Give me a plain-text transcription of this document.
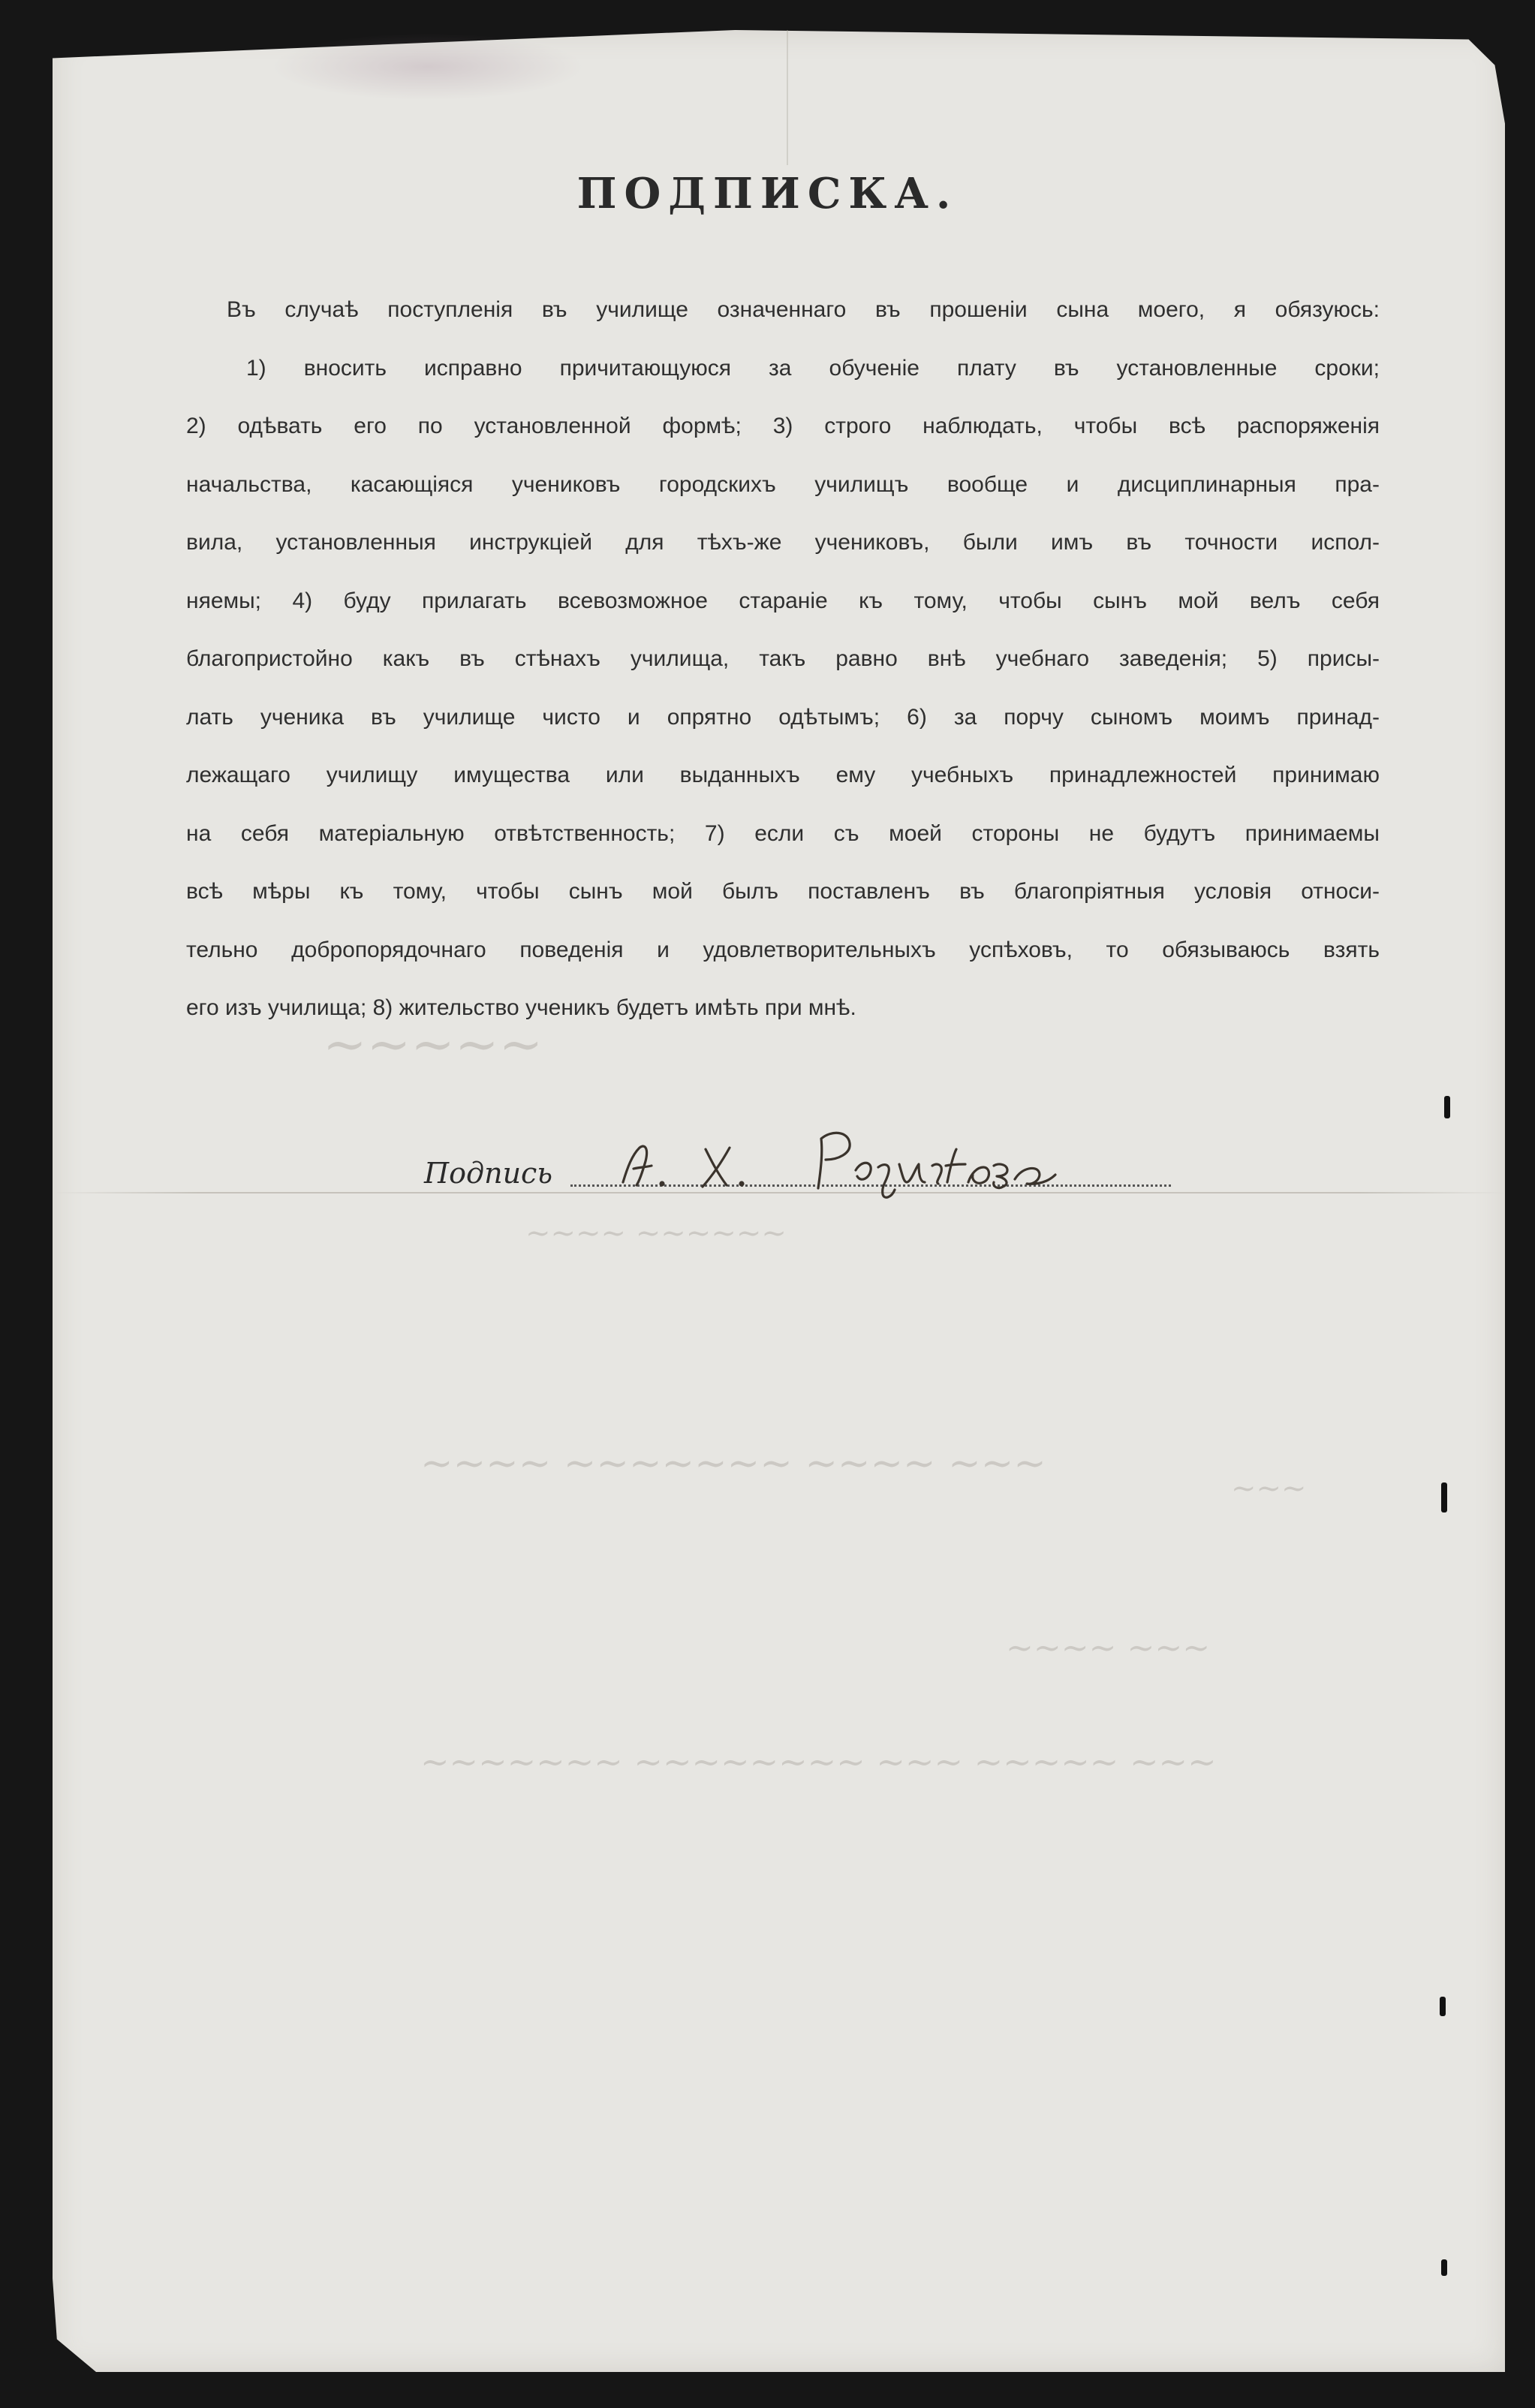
~~~~~
~~~~ ~~~~~~~ ~~~~ ~~~
~~~
~~~~ ~~~
~~~~~~~ ~~~~~~~~ ~~~ ~~~~~ ~~~
~~~~ ~~~~~~
ПОДПИСКА.
Въ случаѣ поступленія въ училище означеннаго въ прошеніи сына моего, я обязуюсь:
1) вносить исправно причитающуюся за обученіе плату въ установленные сроки;
2) одѣвать его по установленной формѣ; 3) строго наблюдать, чтобы всѣ распоряженія
начальства, касающіяся учениковъ городскихъ училищъ вообще и дисциплинарныя пра-
вила, установленныя инструкціей для тѣхъ-же учениковъ, были имъ въ точности испол-
няемы; 4) буду прилагать всевозможное стараніе къ тому, чтобы сынъ мой велъ себя
благопристойно какъ въ стѣнахъ училища, такъ равно внѣ учебнаго заведенія; 5) присы-
лать ученика въ училище чисто и опрятно одѣтымъ; 6) за порчу сыномъ моимъ принад-
лежащаго училищу имущества или выданныхъ ему учебныхъ принадлежностей принимаю
на себя матеріальную отвѣтственность; 7) если съ моей стороны не будутъ принимаемы
всѣ мѣры къ тому, чтобы сынъ мой былъ поставленъ въ благопріятныя условія относи-
тельно добропорядочнаго поведенія и удовлетворительныхъ успѣховъ, то обязываюсь взять
его изъ училища; 8) жительство ученикъ будетъ имѣть при мнѣ.
Подпись
